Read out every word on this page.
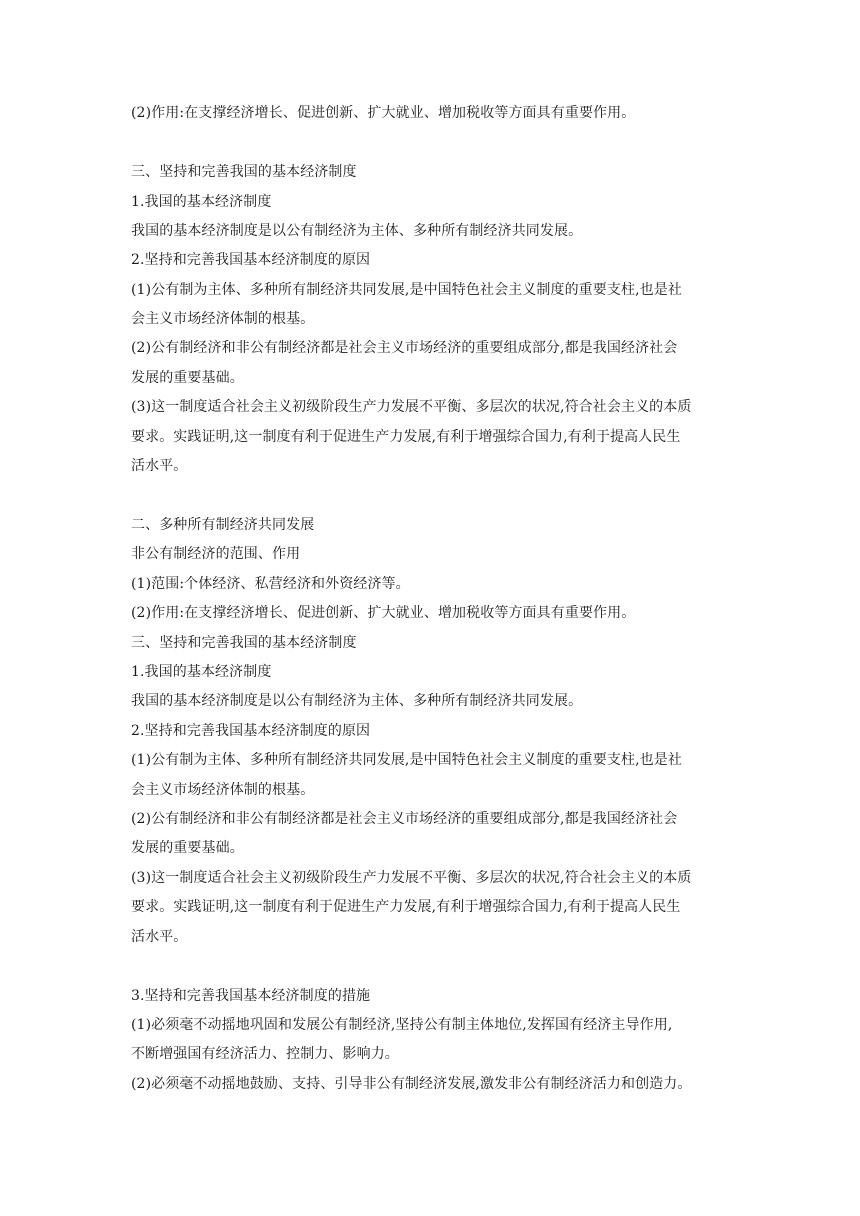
(2)作用:在支撑经济增长、促进创新、扩大就业、增加税收等方面具有重要作用。
三、坚持和完善我国的基本经济制度
1.我国的基本经济制度
我国的基本经济制度是以公有制经济为主体、多种所有制经济共同发展。
2.坚持和完善我国基本经济制度的原因
(1)公有制为主体、多种所有制经济共同发展,是中国特色社会主义制度的重要支柱,也是社
会主义市场经济体制的根基。
(2)公有制经济和非公有制经济都是社会主义市场经济的重要组成部分,都是我国经济社会
发展的重要基础。
(3)这一制度适合社会主义初级阶段生产力发展不平衡、多层次的状况,符合社会主义的本质
要求。实践证明,这一制度有利于促进生产力发展,有利于增强综合国力,有利于提高人民生
活水平。
二、多种所有制经济共同发展
非公有制经济的范围、作用
(1)范围:个体经济、私营经济和外资经济等。
(2)作用:在支撑经济增长、促进创新、扩大就业、增加税收等方面具有重要作用。
三、坚持和完善我国的基本经济制度
1.我国的基本经济制度
我国的基本经济制度是以公有制经济为主体、多种所有制经济共同发展。
2.坚持和完善我国基本经济制度的原因
(1)公有制为主体、多种所有制经济共同发展,是中国特色社会主义制度的重要支柱,也是社
会主义市场经济体制的根基。
(2)公有制经济和非公有制经济都是社会主义市场经济的重要组成部分,都是我国经济社会
发展的重要基础。
(3)这一制度适合社会主义初级阶段生产力发展不平衡、多层次的状况,符合社会主义的本质
要求。实践证明,这一制度有利于促进生产力发展,有利于增强综合国力,有利于提高人民生
活水平。
3.坚持和完善我国基本经济制度的措施
(1)必须毫不动摇地巩固和发展公有制经济,坚持公有制主体地位,发挥国有经济主导作用,
不断增强国有经济活力、控制力、影响力。
(2)必须毫不动摇地鼓励、支持、引导非公有制经济发展,激发非公有制经济活力和创造力。
